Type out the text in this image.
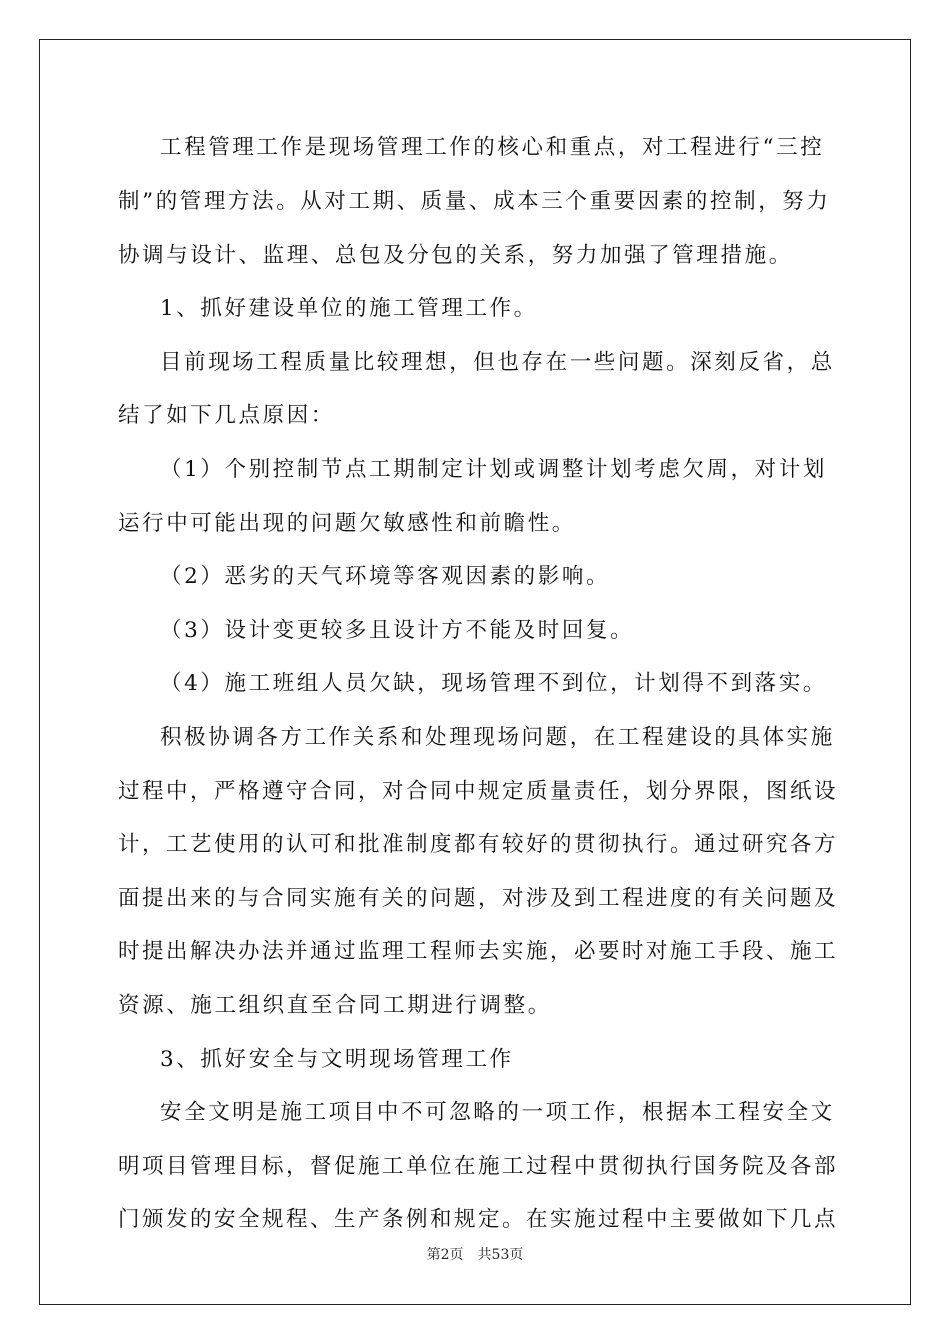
工程管理工作是现场管理工作的核心和重点，对工程进行“三控
制”的管理方法。从对工期、质量、成本三个重要因素的控制，努力
协调与设计、监理、总包及分包的关系，努力加强了管理措施。
1、抓好建设单位的施工管理工作。
目前现场工程质量比较理想，但也存在一些问题。深刻反省，总
结了如下几点原因：
（1）个别控制节点工期制定计划或调整计划考虑欠周，对计划
运行中可能出现的问题欠敏感性和前瞻性。
（2）恶劣的天气环境等客观因素的影响。
（3）设计变更较多且设计方不能及时回复。
（4）施工班组人员欠缺，现场管理不到位，计划得不到落实。
积极协调各方工作关系和处理现场问题，在工程建设的具体实施
过程中，严格遵守合同，对合同中规定质量责任，划分界限，图纸设
计，工艺使用的认可和批准制度都有较好的贯彻执行。通过研究各方
面提出来的与合同实施有关的问题，对涉及到工程进度的有关问题及
时提出解决办法并通过监理工程师去实施，必要时对施工手段、施工
资源、施工组织直至合同工期进行调整。
3、抓好安全与文明现场管理工作
安全文明是施工项目中不可忽略的一项工作，根据本工程安全文
明项目管理目标，督促施工单位在施工过程中贯彻执行国务院及各部
门颁发的安全规程、生产条例和规定。在实施过程中主要做如下几点
第2页 共53页
